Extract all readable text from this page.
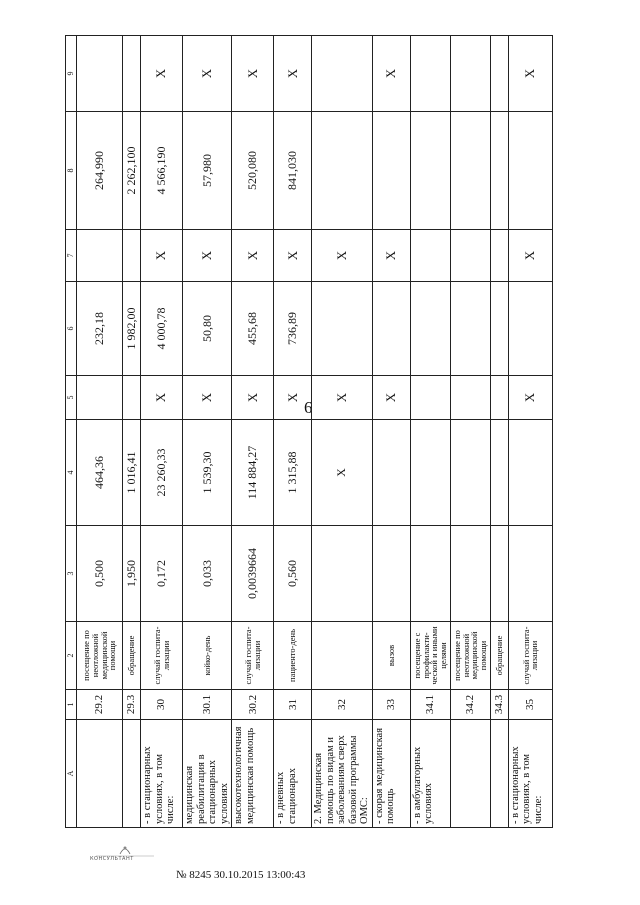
6
А	1	2	3	4	5	6	7	8	9
	29.2	посещение по неотложной медицинской помощи	0,500	464,36		232,18		264,990	
	29.3	обращение	1,950	1 016,41		1 982,00		2 262,100	
- в стационарных условиях, в том числе:	30	случай госпита-лизации	0,172	23 260,33	Х	4 000,78	Х	4 566,190	Х
медицинская реабилитация в стационарных условиях	30.1	койко-день	0,033	1 539,30	Х	50,80	Х	57,980	Х
высокотехнологичная медицинская помощь	30.2	случай госпита-лизации	0,0039664	114 884,27	Х	455,68	Х	520,080	Х
- в дневных стационарах	31	пациенто-день	0,560	1 315,88	Х	736,89	Х	841,030	Х
2. Медицинская помощь по видам и заболеваниям сверх базовой программы ОМС:	32			Х	Х		Х		
- скорая медицинская помощь	33	вызов			Х		Х		Х
- в амбулаторных условиях	34.1	посещение с профилакти-ческой и иными целями							
	34.2	посещение по неотложной медицинской помощи							
	34.3	обращение							
- в стационарных условиях, в том числе:	35	случай госпита-лизации			Х		Х		Х
КОНСУЛЬТАНТ
№ 8245 30.10.2015 13:00:43
